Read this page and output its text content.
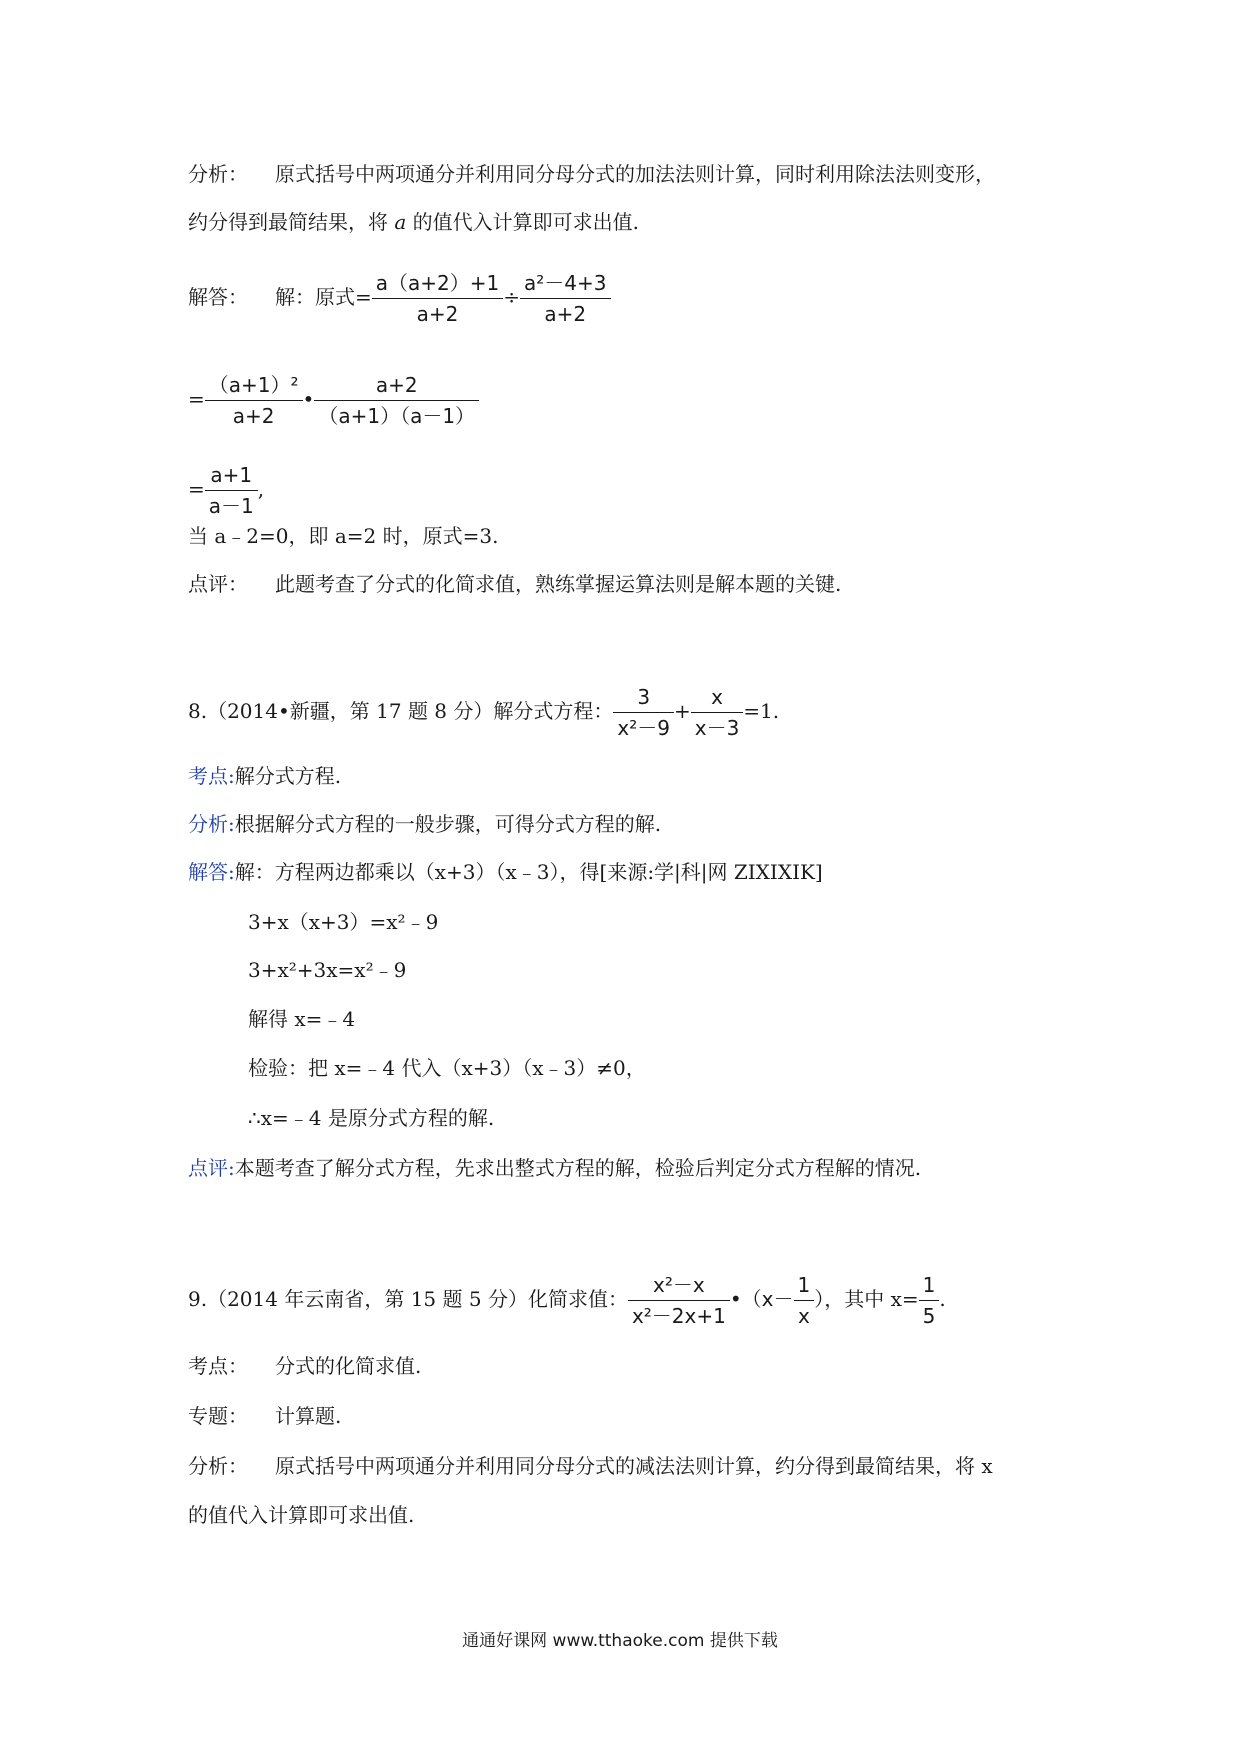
分析： 原式括号中两项通分并利用同分母分式的加法法则计算，同时利用除法法则变形，
约分得到最简结果，将 a 的值代入计算即可求出值.
解答： 解：原式= $\frac{a(a+2)+1}{a+2} \div \frac{\text{a²－4+3}}{a+2}$
= $\frac{\text{（a+1）²}}{a+2}$ • $\frac{a+2}{(a+1)(a-1)}$
= $\frac{a+1}{a-1}$ ,
当 a﹣2=0，即 a=2 时，原式=3.
点评： 此题考查了分式的化简求值，熟练掌握运算法则是解本题的关键.
8.（2014•新疆，第 17 题 8 分）解分式方程： $\frac{3}{\text{x²－9}} + \frac{x}{x-3} =1$.
考点:解分式方程.
分析:根据解分式方程的一般步骤，可得分式方程的解.
解答:解：方程两边都乘以（x+3）（x﹣3），得[来源:学|科|网 ZIXIXIK]
3+x（x+3）=x²﹣9
3+x²+3x=x²﹣9
解得 x=﹣4
检验：把 x=﹣4 代入（x+3）（x﹣3）≠0，
∴x=﹣4 是原分式方程的解.
点评:本题考查了解分式方程，先求出整式方程的解，检验后判定分式方程解的情况.
9.（2014 年云南省，第 15 题 5 分）化简求值： $\frac{\text{x²－x}}{\text{x²－2x+1}}$ •（x－ $\frac{1}{x}$ ），其中 $x= \frac{1}{5}$ .
考点： 分式的化简求值.
专题： 计算题.
分析： 原式括号中两项通分并利用同分母分式的减法法则计算，约分得到最简结果，将 x
的值代入计算即可求出值.
通通好课网 www.tthaoke.com 提供下载
